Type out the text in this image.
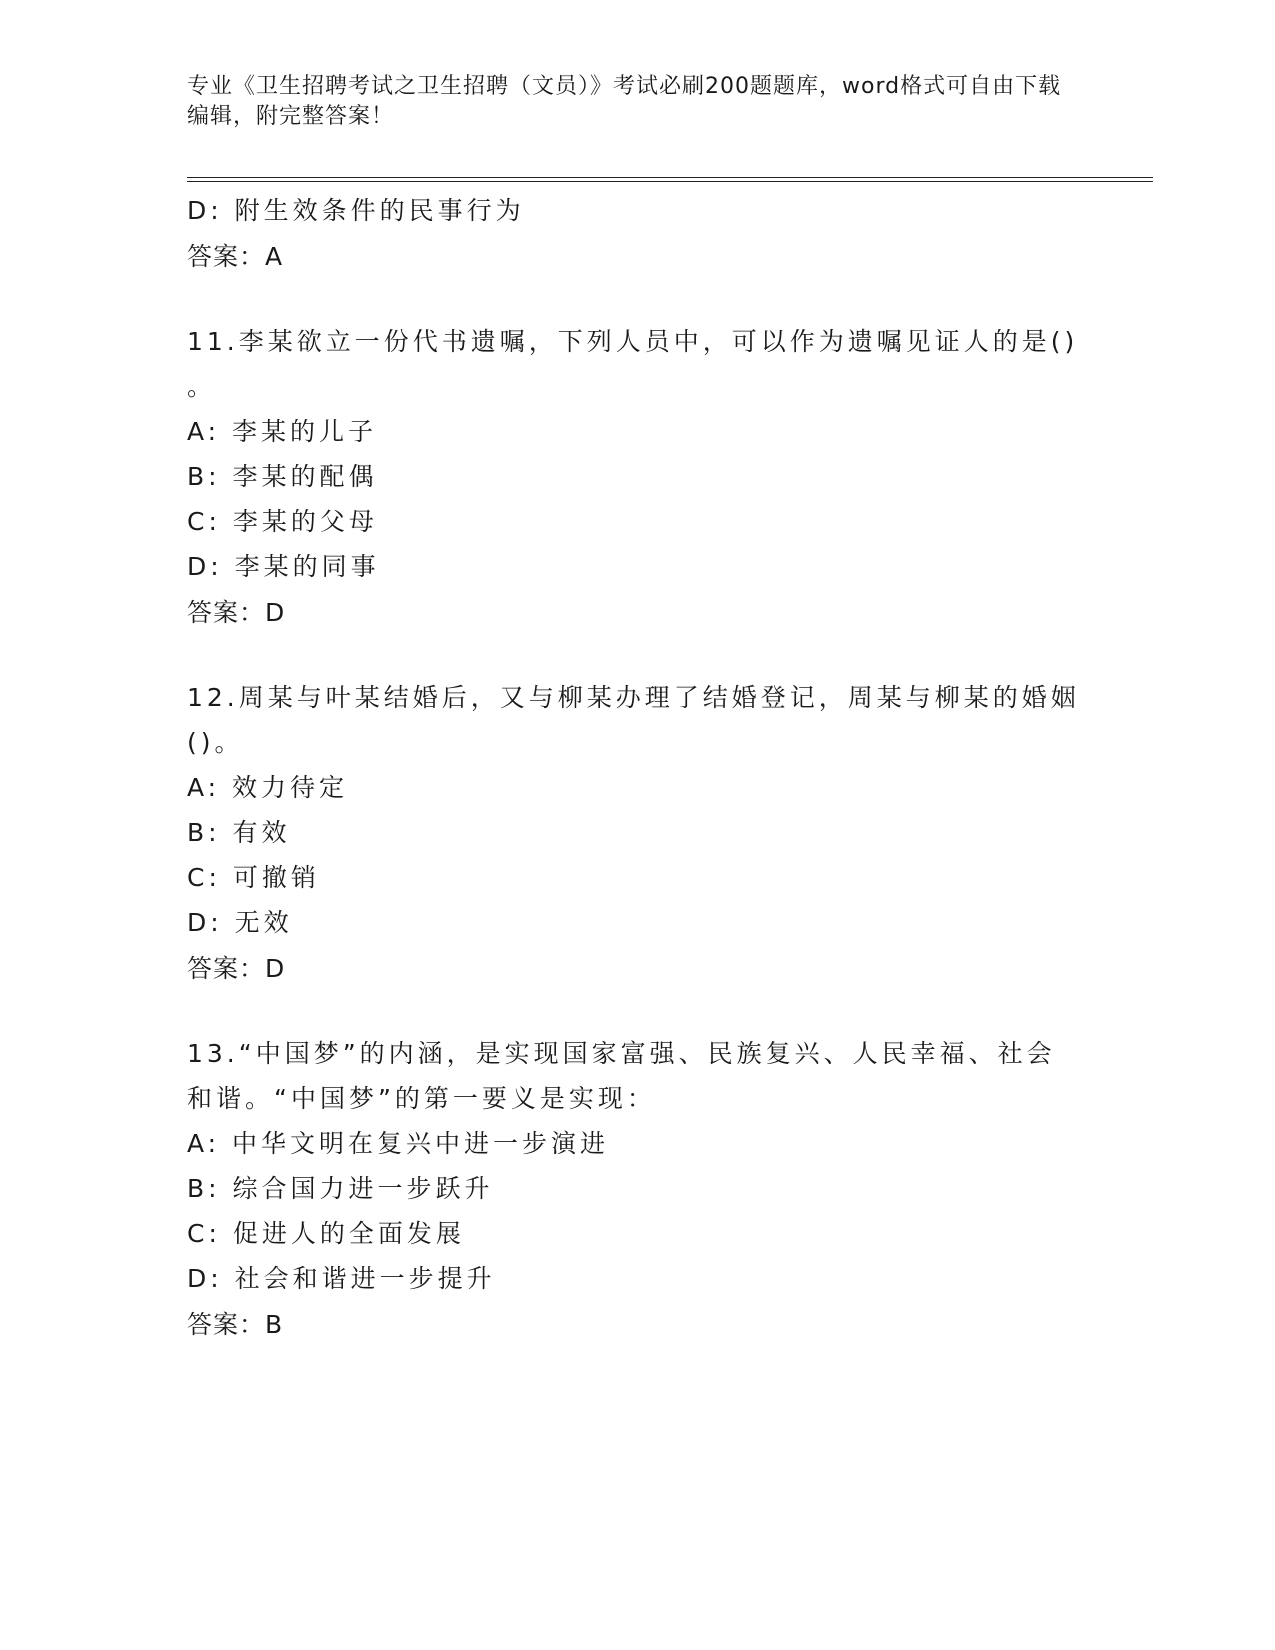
专业《卫生招聘考试之卫生招聘（文员）》考试必刷200题题库，word格式可自由下载编辑，附完整答案！
D: 附生效条件的民事行为
答案：A
11.李某欲立一份代书遗嘱，下列人员中，可以作为遗嘱见证人的是()
。
A: 李某的儿子
B: 李某的配偶
C: 李某的父母
D: 李某的同事
答案：D
12.周某与叶某结婚后，又与柳某办理了结婚登记，周某与柳某的婚姻
()。
A: 效力待定
B: 有效
C: 可撤销
D: 无效
答案：D
13.“中国梦”的内涵，是实现国家富强、民族复兴、人民幸福、社会
和谐。“中国梦”的第一要义是实现：
A: 中华文明在复兴中进一步演进
B: 综合国力进一步跃升
C: 促进人的全面发展
D: 社会和谐进一步提升
答案：B
